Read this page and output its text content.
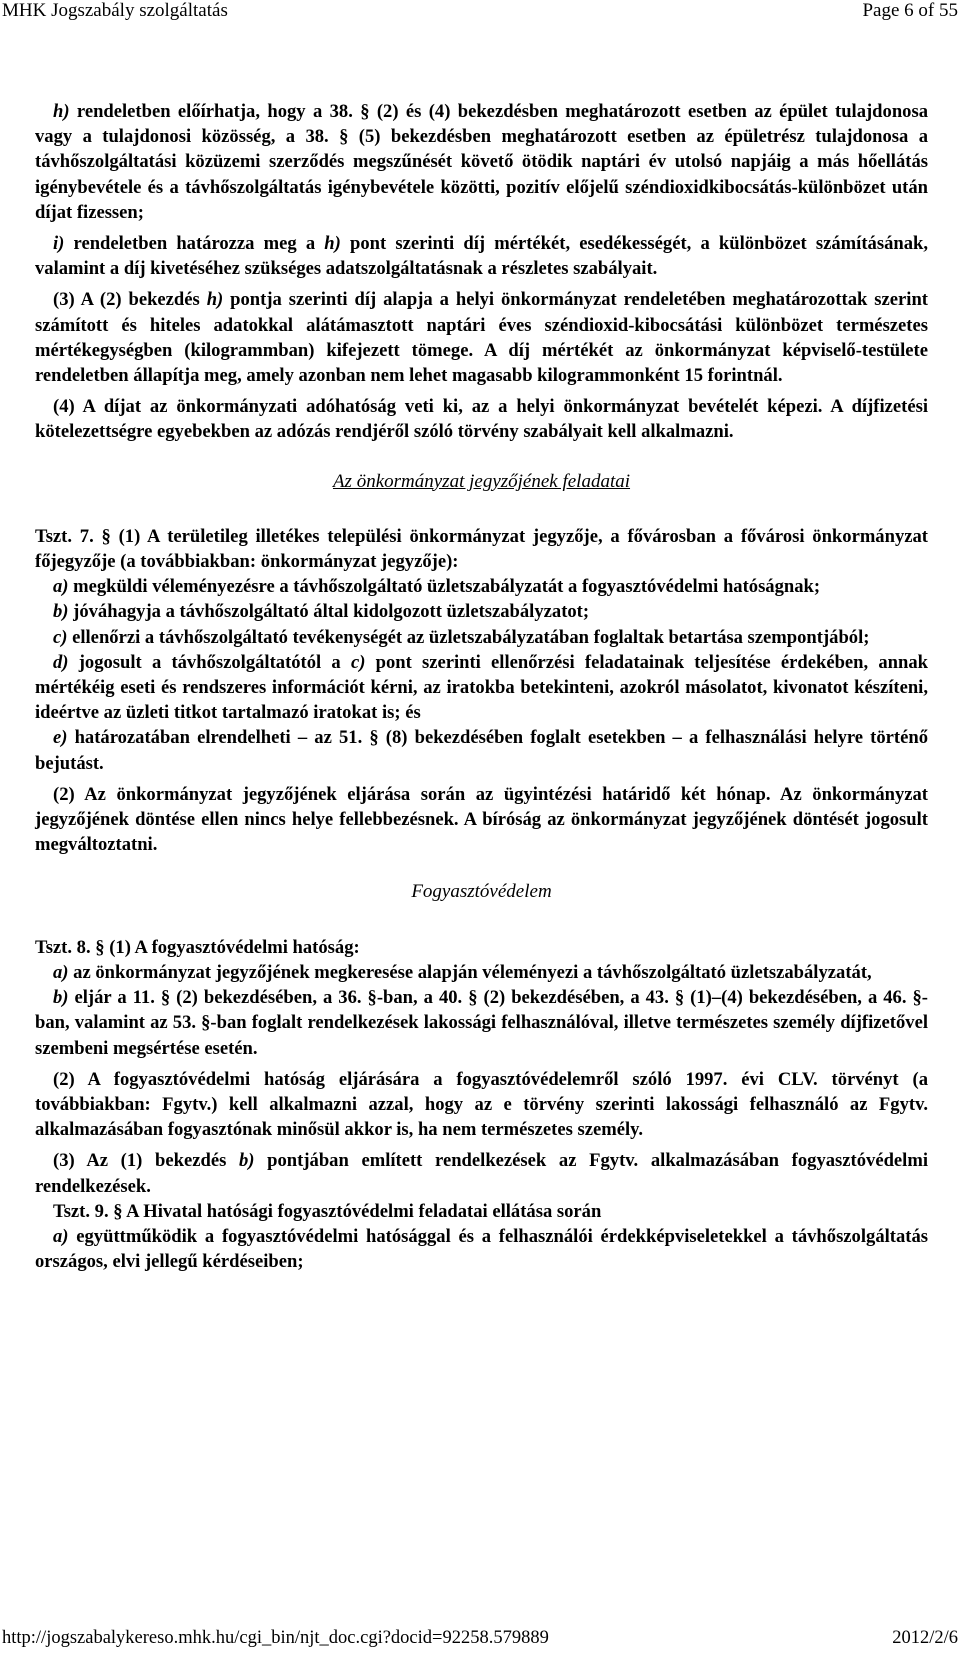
MHK Jogszabály szolgáltatás	Page 6 of 55

h) rendeletben előírhatja, hogy a 38. § (2) és (4) bekezdésben meghatározott esetben az épület tulajdonosa vagy a tulajdonosi közösség, a 38. § (5) bekezdésben meghatározott esetben az épületrész tulajdonosa a távhőszolgáltatási közüzemi szerződés megszűnését követő ötödik naptári év utolsó napjáig a más hőellátás igénybevétele és a távhőszolgáltatás igénybevétele közötti, pozitív előjelű széndioxidkibocsátás-különbözet után díjat fizessen;

i) rendeletben határozza meg a h) pont szerinti díj mértékét, esedékességét, a különbözet számításának, valamint a díj kivetéséhez szükséges adatszolgáltatásnak a részletes szabályait.

(3) A (2) bekezdés h) pontja szerinti díj alapja a helyi önkormányzat rendeletében meghatározottak szerint számított és hiteles adatokkal alátámasztott naptári éves széndioxid-kibocsátási különbözet természetes mértékegységben (kilogrammban) kifejezett tömege. A díj mértékét az önkormányzat képviselő-testülete rendeletben állapítja meg, amely azonban nem lehet magasabb kilogrammonként 15 forintnál.

(4) A díjat az önkormányzati adóhatóság veti ki, az a helyi önkormányzat bevételét képezi. A díjfizetési kötelezettségre egyebekben az adózás rendjéről szóló törvény szabályait kell alkalmazni.

Az önkormányzat jegyzőjének feladatai

Tszt. 7. § (1) A területileg illetékes települési önkormányzat jegyzője, a fővárosban a fővárosi önkormányzat főjegyzője (a továbbiakban: önkormányzat jegyzője):

a) megküldi véleményezésre a távhőszolgáltató üzletszabályzatát a fogyasztóvédelmi hatóságnak;

b) jóváhagyja a távhőszolgáltató által kidolgozott üzletszabályzatot;

c) ellenőrzi a távhőszolgáltató tevékenységét az üzletszabályzatában foglaltak betartása szempontjából;

d) jogosult a távhőszolgáltatótól a c) pont szerinti ellenőrzési feladatainak teljesítése érdekében, annak mértékéig eseti és rendszeres információt kérni, az iratokba betekinteni, azokról másolatot, kivonatot készíteni, ideértve az üzleti titkot tartalmazó iratokat is; és

e) határozatában elrendelheti – az 51. § (8) bekezdésében foglalt esetekben – a felhasználási helyre történő bejutást.

(2) Az önkormányzat jegyzőjének eljárása során az ügyintézési határidő két hónap. Az önkormányzat jegyzőjének döntése ellen nincs helye fellebbezésnek. A bíróság az önkormányzat jegyzőjének döntését jogosult megváltoztatni.

Fogyasztóvédelem

Tszt. 8. § (1) A fogyasztóvédelmi hatóság:

a) az önkormányzat jegyzőjének megkeresése alapján véleményezi a távhőszolgáltató üzletszabályzatát,

b) eljár a 11. § (2) bekezdésében, a 36. §-ban, a 40. § (2) bekezdésében, a 43. § (1)–(4) bekezdésében, a 46. §-ban, valamint az 53. §-ban foglalt rendelkezések lakossági felhasználóval, illetve természetes személy díjfizetővel szembeni megsértése esetén.

(2) A fogyasztóvédelmi hatóság eljárására a fogyasztóvédelemről szóló 1997. évi CLV. törvényt (a továbbiakban: Fgytv.) kell alkalmazni azzal, hogy az e törvény szerinti lakossági felhasználó az Fgytv. alkalmazásában fogyasztónak minősül akkor is, ha nem természetes személy.

(3) Az (1) bekezdés b) pontjában említett rendelkezések az Fgytv. alkalmazásában fogyasztóvédelmi rendelkezések.

Tszt. 9. § A Hivatal hatósági fogyasztóvédelmi feladatai ellátása során

a) együttműködik a fogyasztóvédelmi hatósággal és a felhasználói érdekképviseletekkel a távhőszolgáltatás országos, elvi jellegű kérdéseiben;

http://jogszabalykereso.mhk.hu/cgi_bin/njt_doc.cgi?docid=92258.579889	2012/2/6
